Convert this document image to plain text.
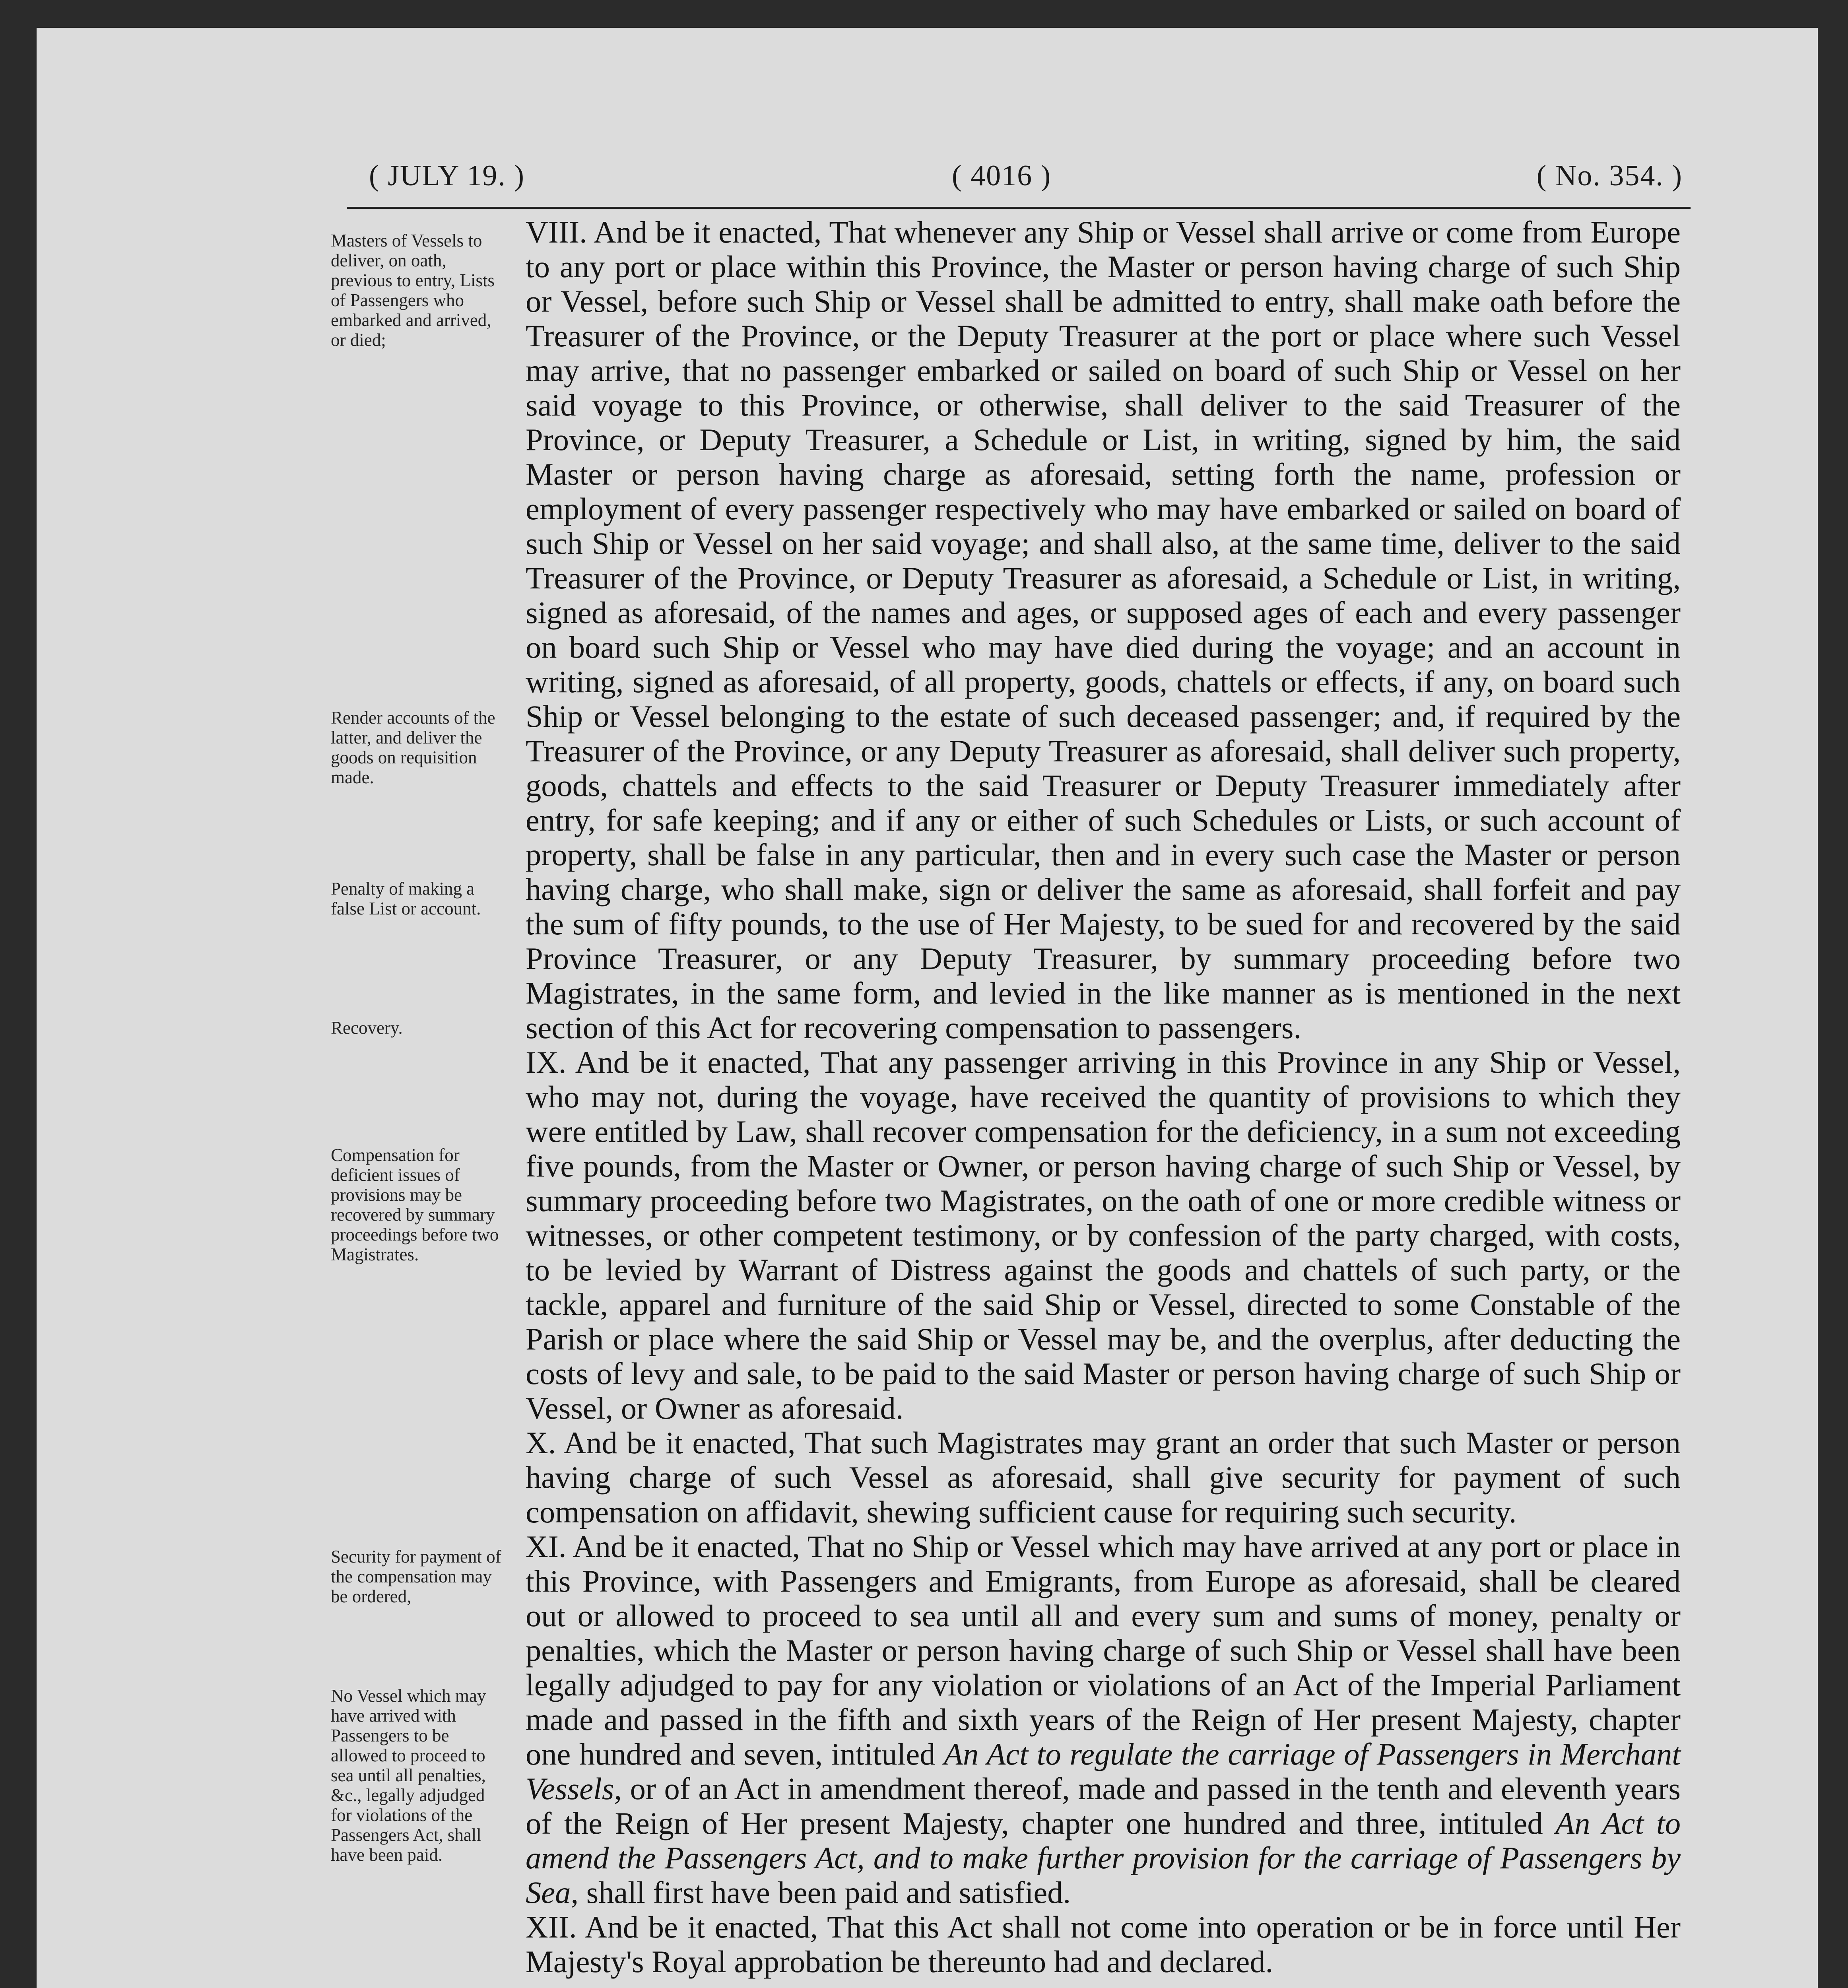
( JULY 19. )	( 4016 )	( No. 354. )
Masters of Vessels to deliver, on oath, previous to entry, Lists of Passengers who embarked and arrived, or died;
Render accounts of the latter, and deliver the goods on requisition made.
Penalty of making a false List or account.
Recovery.
Compensation for deficient issues of provisions may be recovered by summary proceedings before two Magistrates.
Security for payment of the compensation may be ordered,
No Vessel which may have arrived with Passengers to be allowed to proceed to sea until all penalties, &c., legally adjudged for violations of the Passengers Act, shall have been paid.

VIII. And be it enacted, That whenever any Ship or Vessel shall arrive or come from Europe to any port or place within this Province, the Master or person having charge of such Ship or Vessel, before such Ship or Vessel shall be admitted to entry, shall make oath before the Treasurer of the Province, or the Deputy Treasurer at the port or place where such Vessel may arrive, that no passenger embarked or sailed on board of such Ship or Vessel on her said voyage to this Province, or otherwise, shall deliver to the said Treasurer of the Province, or Deputy Treasurer, a Schedule or List, in writing, signed by him, the said Master or person having charge as aforesaid, setting forth the name, profession or employment of every passenger respectively who may have embarked or sailed on board of such Ship or Vessel on her said voyage; and shall also, at the same time, deliver to the said Treasurer of the Province, or Deputy Treasurer as aforesaid, a Schedule or List, in writing, signed as aforesaid, of the names and ages, or supposed ages of each and every passenger on board such Ship or Vessel who may have died during the voyage; and an account in writing, signed as aforesaid, of all property, goods, chattels or effects, if any, on board such Ship or Vessel belonging to the estate of such deceased passenger; and, if required by the Treasurer of the Province, or any Deputy Treasurer as aforesaid, shall deliver such property, goods, chattels and effects to the said Treasurer or Deputy Treasurer immediately after entry, for safe keeping; and if any or either of such Schedules or Lists, or such account of property, shall be false in any particular, then and in every such case the Master or person having charge, who shall make, sign or deliver the same as aforesaid, shall forfeit and pay the sum of fifty pounds, to the use of Her Majesty, to be sued for and recovered by the said Province Treasurer, or any Deputy Treasurer, by summary proceeding before two Magistrates, in the same form, and levied in the like manner as is mentioned in the next section of this Act for recovering compensation to passengers.

IX. And be it enacted, That any passenger arriving in this Province in any Ship or Vessel, who may not, during the voyage, have received the quantity of provisions to which they were entitled by Law, shall recover compensation for the deficiency, in a sum not exceeding five pounds, from the Master or Owner, or person having charge of such Ship or Vessel, by summary proceeding before two Magistrates, on the oath of one or more credible witness or witnesses, or other competent testimony, or by confession of the party charged, with costs, to be levied by Warrant of Distress against the goods and chattels of such party, or the tackle, apparel and furniture of the said Ship or Vessel, directed to some Constable of the Parish or place where the said Ship or Vessel may be, and the overplus, after deducting the costs of levy and sale, to be paid to the said Master or person having charge of such Ship or Vessel, or Owner as aforesaid.

X. And be it enacted, That such Magistrates may grant an order that such Master or person having charge of such Vessel as aforesaid, shall give security for payment of such compensation on affidavit, shewing sufficient cause for requiring such security.

XI. And be it enacted, That no Ship or Vessel which may have arrived at any port or place in this Province, with Passengers and Emigrants, from Europe as aforesaid, shall be cleared out or allowed to proceed to sea until all and every sum and sums of money, penalty or penalties, which the Master or person having charge of such Ship or Vessel shall have been legally adjudged to pay for any violation or violations of an Act of the Imperial Parliament made and passed in the fifth and sixth years of the Reign of Her present Majesty, chapter one hundred and seven, intituled An Act to regulate the carriage of Passengers in Merchant Vessels, or of an Act in amendment thereof, made and passed in the tenth and eleventh years of the Reign of Her present Majesty, chapter one hundred and three, intituled An Act to amend the Passengers Act, and to make further provision for the carriage of Passengers by Sea, shall first have been paid and satisfied.

XII. And be it enacted, That this Act shall not come into operation or be in force until Her Majesty's Royal approbation be thereunto had and declared.
